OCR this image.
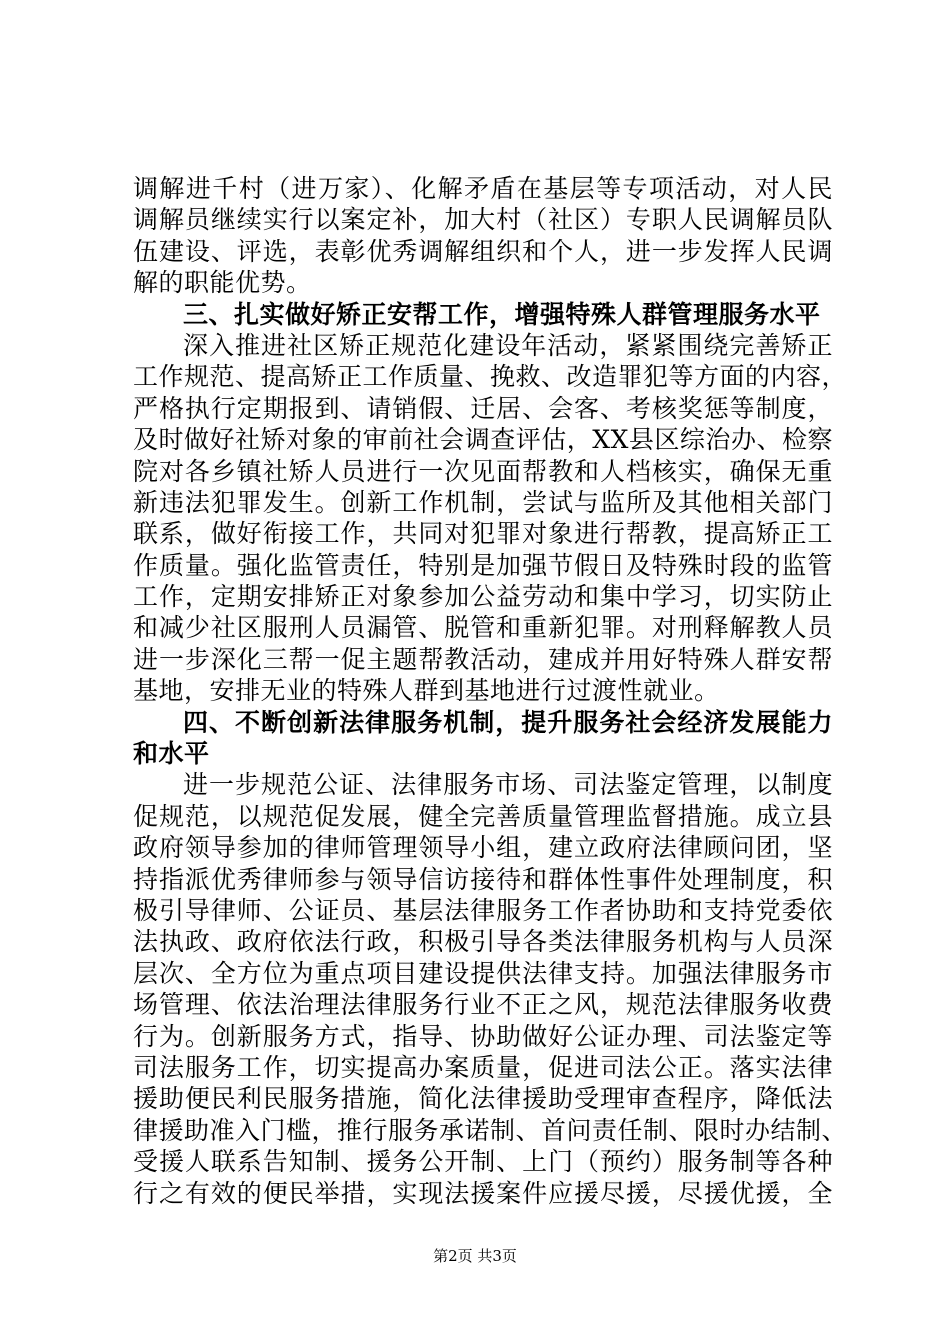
调解进千村（进万家）、化解矛盾在基层等专项活动，对人民
调解员继续实行以案定补，加大村（社区）专职人民调解员队
伍建设、评选，表彰优秀调解组织和个人，进一步发挥人民调
解的职能优势。
三、扎实做好矫正安帮工作，增强特殊人群管理服务水平
深入推进社区矫正规范化建设年活动，紧紧围绕完善矫正
工作规范、提高矫正工作质量、挽救、改造罪犯等方面的内容，
严格执行定期报到、请销假、迁居、会客、考核奖惩等制度，
及时做好社矫对象的审前社会调查评估，XX县区综治办、检察
院对各乡镇社矫人员进行一次见面帮教和人档核实，确保无重
新违法犯罪发生。创新工作机制，尝试与监所及其他相关部门
联系，做好衔接工作，共同对犯罪对象进行帮教，提高矫正工
作质量。强化监管责任，特别是加强节假日及特殊时段的监管
工作，定期安排矫正对象参加公益劳动和集中学习，切实防止
和减少社区服刑人员漏管、脱管和重新犯罪。对刑释解教人员
进一步深化三帮一促主题帮教活动，建成并用好特殊人群安帮
基地，安排无业的特殊人群到基地进行过渡性就业。
四、不断创新法律服务机制，提升服务社会经济发展能力
和水平
进一步规范公证、法律服务市场、司法鉴定管理，以制度
促规范，以规范促发展，健全完善质量管理监督措施。成立县
政府领导参加的律师管理领导小组，建立政府法律顾问团，坚
持指派优秀律师参与领导信访接待和群体性事件处理制度，积
极引导律师、公证员、基层法律服务工作者协助和支持党委依
法执政、政府依法行政，积极引导各类法律服务机构与人员深
层次、全方位为重点项目建设提供法律支持。加强法律服务市
场管理、依法治理法律服务行业不正之风，规范法律服务收费
行为。创新服务方式，指导、协助做好公证办理、司法鉴定等
司法服务工作，切实提高办案质量，促进司法公正。落实法律
援助便民利民服务措施，简化法律援助受理审查程序，降低法
律援助准入门槛，推行服务承诺制、首问责任制、限时办结制、
受援人联系告知制、援务公开制、上门（预约）服务制等各种
行之有效的便民举措，实现法援案件应援尽援，尽援优援，全
第2页 共3页
